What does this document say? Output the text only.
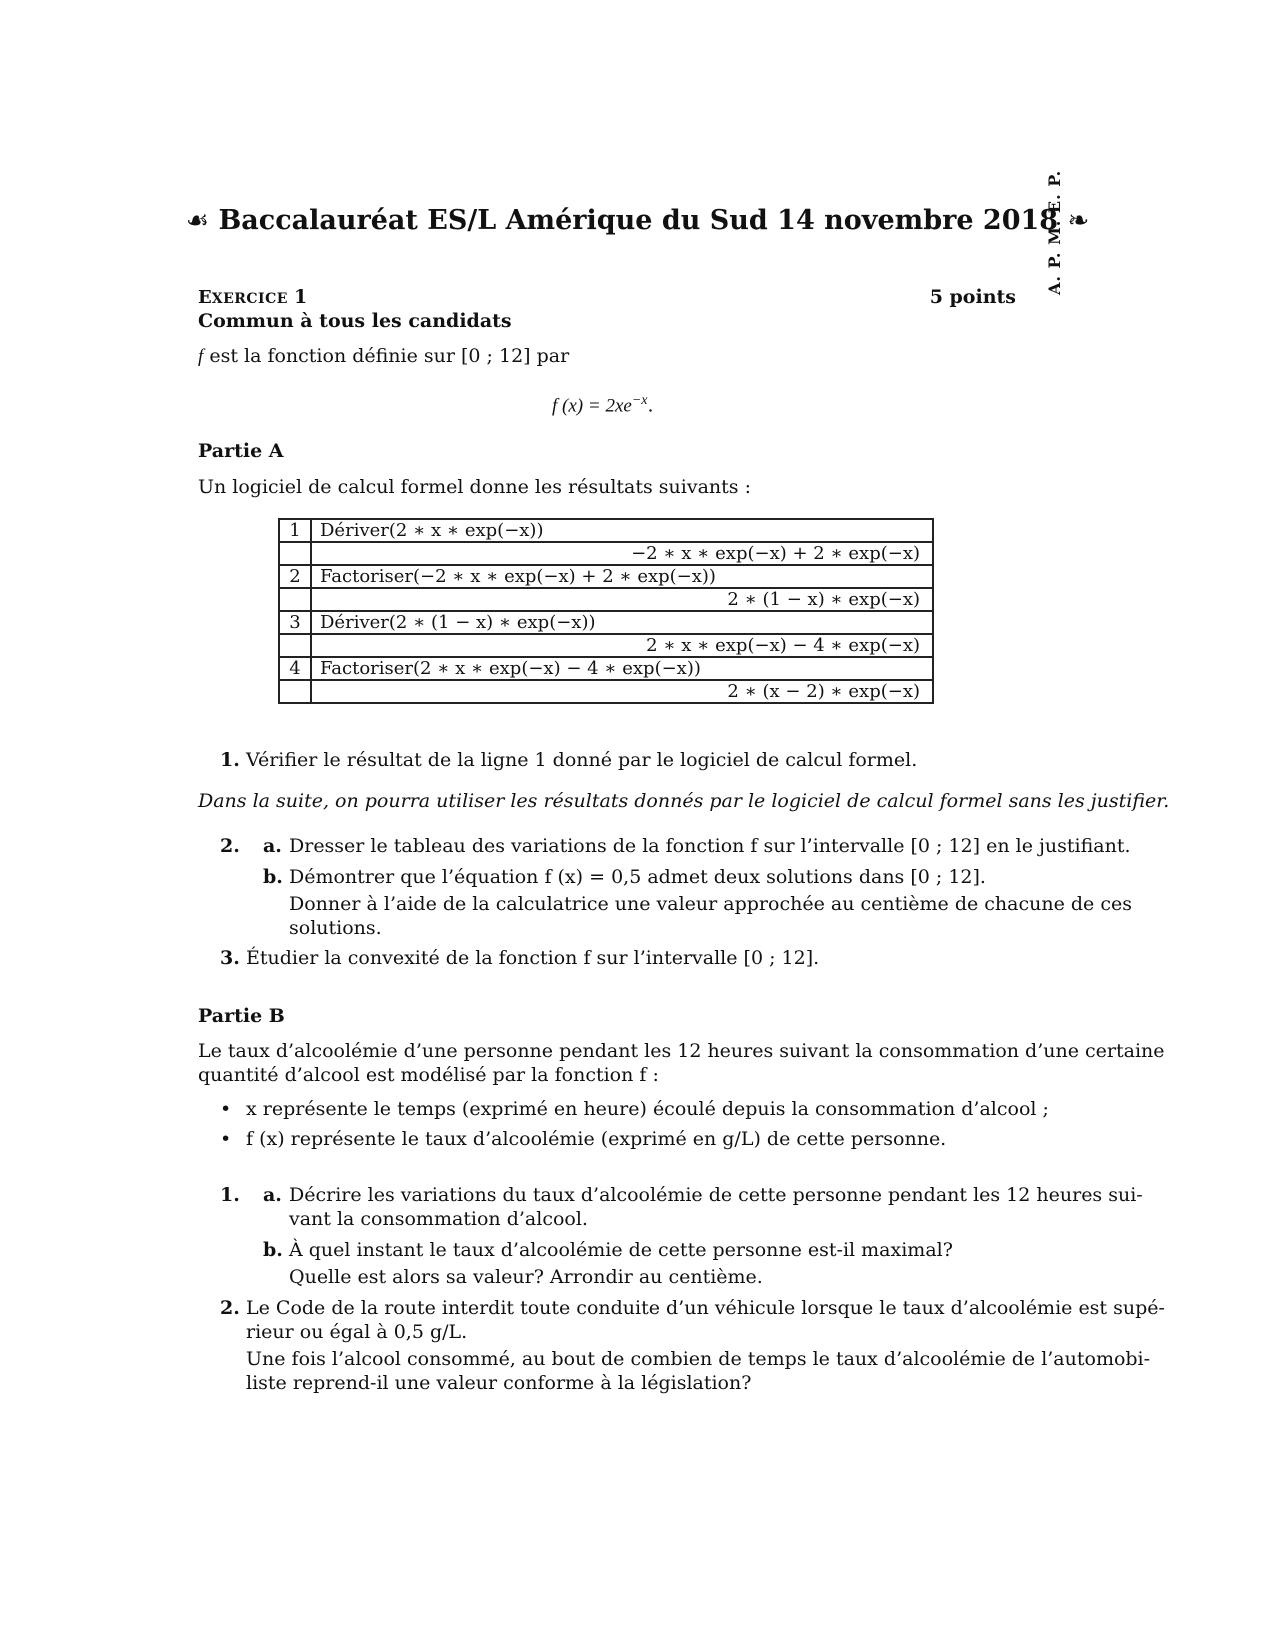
☙ Baccalauréat ES/L Amérique du Sud 14 novembre 2018 ❧
A. P. M. E. P.
EXERCICE 1	5 points
Commun à tous les candidats
f est la fonction définie sur [0 ; 12] par
f $(x) = 2xe^{-x}$.
Partie A
Un logiciel de calcul formel donne les résultats suivants :
1	Dériver(2 ∗ x ∗ exp(−x))
	−2 ∗ x ∗ exp(−x) + 2 ∗ exp(−x)
2	Factoriser(−2 ∗ x ∗ exp(−x) + 2 ∗ exp(−x))
	2 ∗ (1 − x) ∗ exp(−x)
3	Dériver(2 ∗ (1 − x) ∗ exp(−x))
	2 ∗ x ∗ exp(−x) − 4 ∗ exp(−x)
4	Factoriser(2 ∗ x ∗ exp(−x) − 4 ∗ exp(−x))
	2 ∗ (x − 2) ∗ exp(−x)
1. Vérifier le résultat de la ligne 1 donné par le logiciel de calcul formel.
Dans la suite, on pourra utiliser les résultats donnés par le logiciel de calcul formel sans les justifier.
2. a. Dresser le tableau des variations de la fonction f sur l’intervalle [0 ; 12] en le justifiant.
b. Démontrer que l’équation f (x) = 0,5 admet deux solutions dans [0 ; 12].
Donner à l’aide de la calculatrice une valeur approchée au centième de chacune de ces
solutions.
3. Étudier la convexité de la fonction f sur l’intervalle [0 ; 12].
Partie B
Le taux d’alcoolémie d’une personne pendant les 12 heures suivant la consommation d’une certaine
quantité d’alcool est modélisé par la fonction f :
• x représente le temps (exprimé en heure) écoulé depuis la consommation d’alcool ;
• f (x) représente le taux d’alcoolémie (exprimé en g/L) de cette personne.
1. a. Décrire les variations du taux d’alcoolémie de cette personne pendant les 12 heures sui-
vant la consommation d’alcool.
b. À quel instant le taux d’alcoolémie de cette personne est-il maximal?
Quelle est alors sa valeur? Arrondir au centième.
2. Le Code de la route interdit toute conduite d’un véhicule lorsque le taux d’alcoolémie est supé-
rieur ou égal à 0,5 g/L.
Une fois l’alcool consommé, au bout de combien de temps le taux d’alcoolémie de l’automobi-
liste reprend-il une valeur conforme à la législation?
